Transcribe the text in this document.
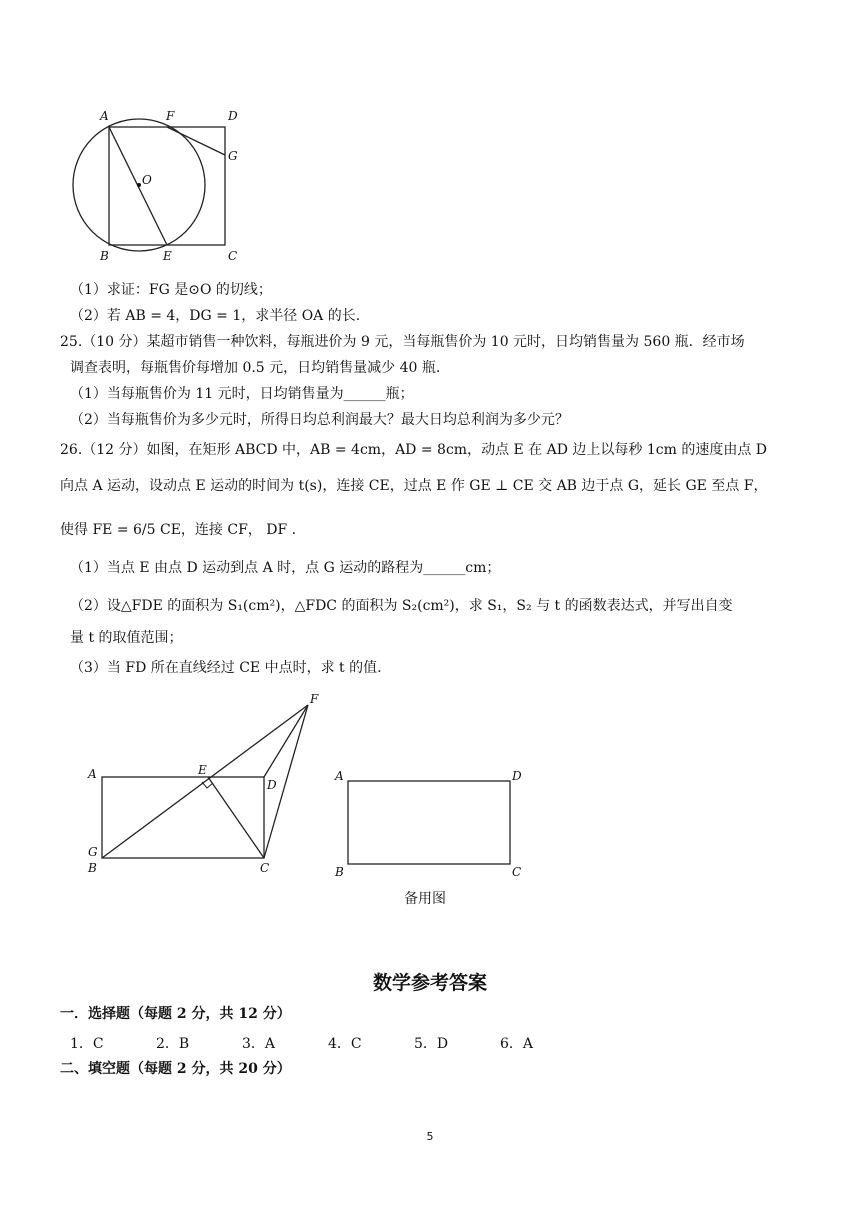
A	F	D
G
O
B	E	C
（1）求证：FG 是⊙O 的切线；
（2）若 AB = 4，DG = 1，求半径 OA 的长.
25.（10 分）某超市销售一种饮料，每瓶进价为 9 元，当每瓶售价为 10 元时，日均销售量为 560 瓶．经市场
调查表明，每瓶售价每增加 0.5 元，日均销售量减少 40 瓶.
（1）当每瓶售价为 11 元时，日均销售量为______瓶；
（2）当每瓶售价为多少元时，所得日均总利润最大？最大日均总利润为多少元？
26.（12 分）如图，在矩形 ABCD 中，AB = 4cm，AD = 8cm，动点 E 在 AD 边上以每秒 1cm 的速度由点 D
向点 A 运动，设动点 E 运动的时间为 t(s)，连接 CE，过点 E 作 GE ⊥ CE 交 AB 边于点 G，延长 GE 至点 F，
使得 FE = 6/5 CE，连接 CF， DF .
（1）当点 E 由点 D 运动到点 A 时，点 G 运动的路程为______cm；
（2）设△FDE 的面积为 S₁(cm²)，△FDC 的面积为 S₂(cm²)，求 S₁，S₂ 与 t 的函数表达式，并写出自变
量 t 的取值范围；
（3）当 FD 所在直线经过 CE 中点时，求 t 的值.
A	E
D
F
G
B	C
A	D
B	C
备用图
数学参考答案
一．选择题（每题 2 分，共 12 分）
1．C	2．B	3．A	4．C	5．D	6．A
二、填空题（每题 2 分，共 20 分）
5
